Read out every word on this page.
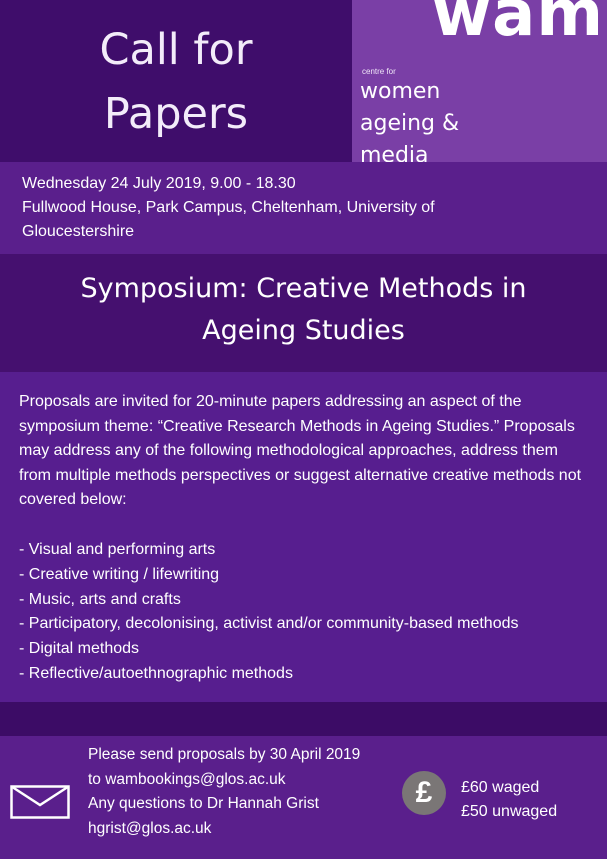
Call for
Papers
wam
centre for
women
ageing &
media
Wednesday 24 July 2019, 9.00 - 18.30
Fullwood House, Park Campus, Cheltenham, University of
Gloucestershire
Symposium: Creative Methods in
Ageing Studies
Proposals are invited for 20-minute papers addressing an aspect of the symposium theme: “Creative Research Methods in Ageing Studies.” Proposals may address any of the following methodological approaches, address them from multiple methods perspectives or suggest alternative creative methods not covered below:
- Visual and performing arts
- Creative writing / lifewriting
- Music, arts and crafts
- Participatory, decolonising, activist and/or community-based methods
- Digital methods
- Reflective/autoethnographic methods
Please send proposals by 30 April 2019
to wambookings@glos.ac.uk
Any questions to Dr Hannah Grist
hgrist@glos.ac.uk
£	£60 waged
£50 unwaged
